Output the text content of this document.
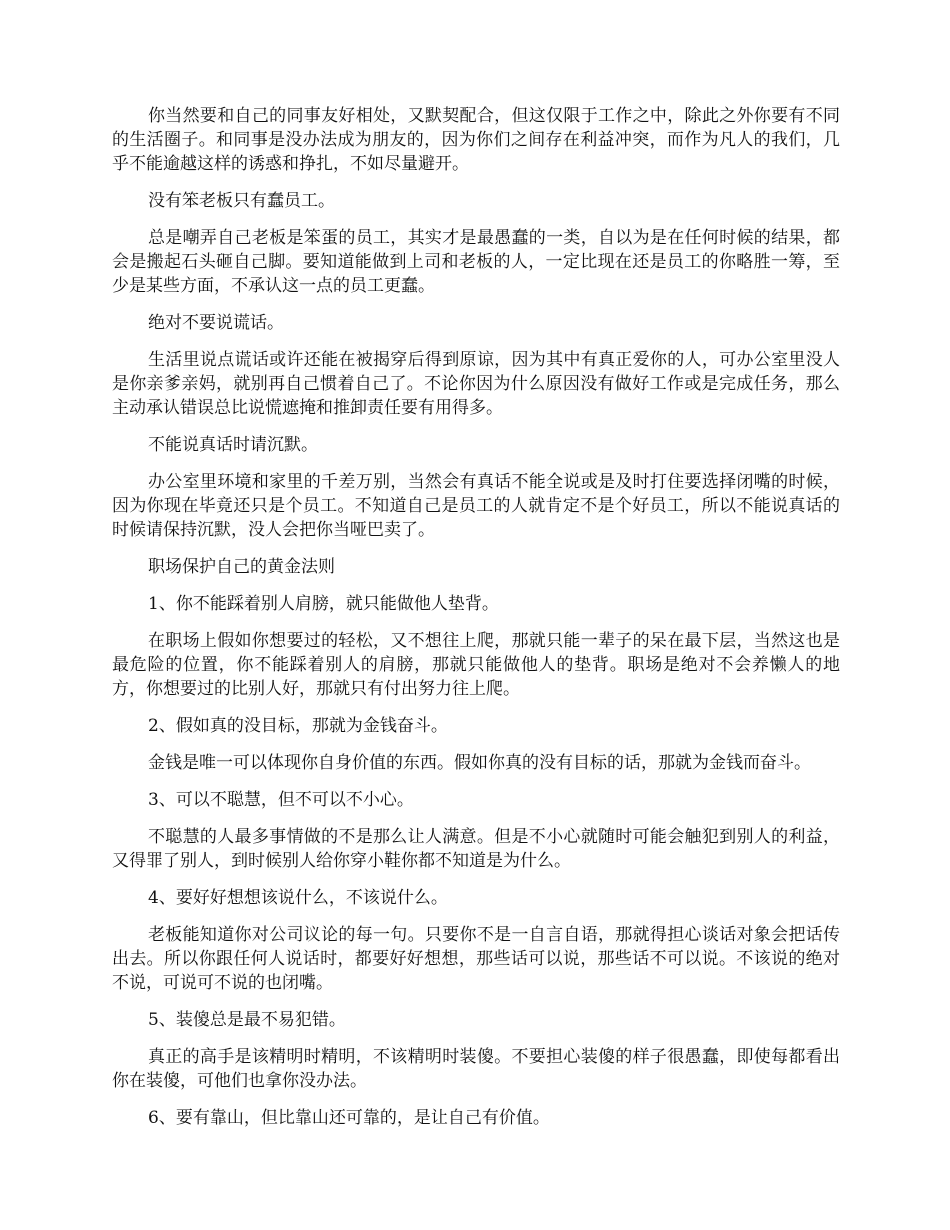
你当然要和自己的同事友好相处，又默契配合，但这仅限于工作之中，除此之外你要有不同的生活圈子。和同事是没办法成为朋友的，因为你们之间存在利益冲突，而作为凡人的我们，几乎不能逾越这样的诱惑和挣扎，不如尽量避开。

没有笨老板只有蠢员工。

总是嘲弄自己老板是笨蛋的员工，其实才是最愚蠢的一类，自以为是在任何时候的结果，都会是搬起石头砸自己脚。要知道能做到上司和老板的人，一定比现在还是员工的你略胜一筹，至少是某些方面，不承认这一点的员工更蠢。

绝对不要说谎话。

生活里说点谎话或许还能在被揭穿后得到原谅，因为其中有真正爱你的人，可办公室里没人是你亲爹亲妈，就别再自己惯着自己了。不论你因为什么原因没有做好工作或是完成任务，那么主动承认错误总比说慌遮掩和推卸责任要有用得多。

不能说真话时请沉默。

办公室里环境和家里的千差万别，当然会有真话不能全说或是及时打住要选择闭嘴的时候，因为你现在毕竟还只是个员工。不知道自己是员工的人就肯定不是个好员工，所以不能说真话的时候请保持沉默，没人会把你当哑巴卖了。

职场保护自己的黄金法则

1、你不能踩着别人肩膀，就只能做他人垫背。

在职场上假如你想要过的轻松，又不想往上爬，那就只能一辈子的呆在最下层，当然这也是最危险的位置，你不能踩着别人的肩膀，那就只能做他人的垫背。职场是绝对不会养懒人的地方，你想要过的比别人好，那就只有付出努力往上爬。

2、假如真的没目标，那就为金钱奋斗。

金钱是唯一可以体现你自身价值的东西。假如你真的没有目标的话，那就为金钱而奋斗。

3、可以不聪慧，但不可以不小心。

不聪慧的人最多事情做的不是那么让人满意。但是不小心就随时可能会触犯到别人的利益，又得罪了别人，到时候别人给你穿小鞋你都不知道是为什么。

4、要好好想想该说什么，不该说什么。

老板能知道你对公司议论的每一句。只要你不是一自言自语，那就得担心谈话对象会把话传出去。所以你跟任何人说话时，都要好好想想，那些话可以说，那些话不可以说。不该说的绝对不说，可说可不说的也闭嘴。

5、装傻总是最不易犯错。

真正的高手是该精明时精明，不该精明时装傻。不要担心装傻的样子很愚蠢，即使每都看出你在装傻，可他们也拿你没办法。

6、要有靠山，但比靠山还可靠的，是让自己有价值。
